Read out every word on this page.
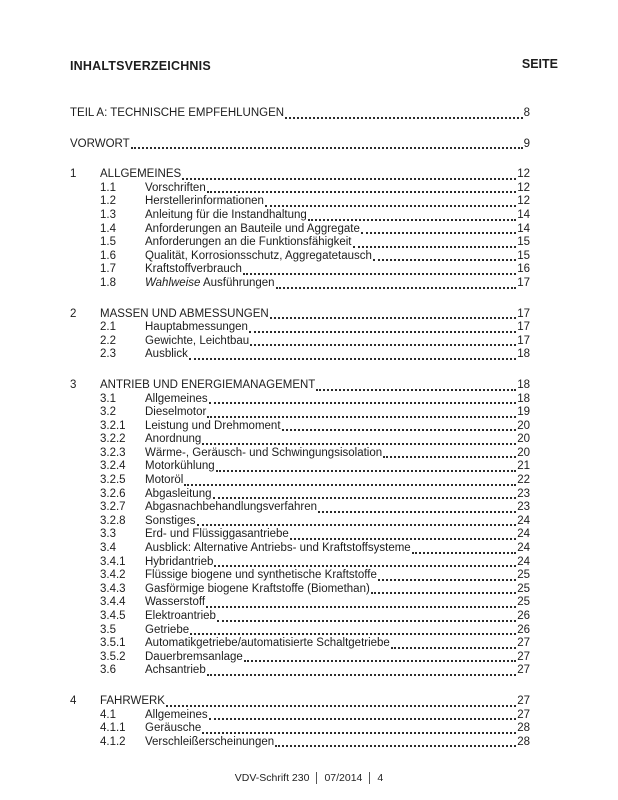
INHALTSVERZEICHNIS	SEITE
TEIL A: TECHNISCHE EMPFEHLUNGEN	8
VORWORT	9
1	ALLGEMEINES	12
1.1	Vorschriften	12
1.2	Herstellerinformationen	12
1.3	Anleitung für die Instandhaltung	14
1.4	Anforderungen an Bauteile und Aggregate	14
1.5	Anforderungen an die Funktionsfähigkeit	15
1.6	Qualität, Korrosionsschutz, Aggregatetausch	15
1.7	Kraftstoffverbrauch	16
1.8	Wahlweise Ausführungen	17
2	MASSEN UND ABMESSUNGEN	17
2.1	Hauptabmessungen	17
2.2	Gewichte, Leichtbau	17
2.3	Ausblick	18
3	ANTRIEB UND ENERGIEMANAGEMENT	18
3.1	Allgemeines	18
3.2	Dieselmotor	19
3.2.1	Leistung und Drehmoment	20
3.2.2	Anordnung	20
3.2.3	Wärme-, Geräusch- und Schwingungsisolation	20
3.2.4	Motorkühlung	21
3.2.5	Motoröl	22
3.2.6	Abgasleitung	23
3.2.7	Abgasnachbehandlungsverfahren	23
3.2.8	Sonstiges	24
3.3	Erd- und Flüssiggasantriebe	24
3.4	Ausblick: Alternative Antriebs- und Kraftstoffsysteme	24
3.4.1	Hybridantrieb	24
3.4.2	Flüssige biogene und synthetische Kraftstoffe	25
3.4.3	Gasförmige biogene Kraftstoffe (Biomethan)	25
3.4.4	Wasserstoff	25
3.4.5	Elektroantrieb	26
3.5	Getriebe	26
3.5.1	Automatikgetriebe/automatisierte Schaltgetriebe	27
3.5.2	Dauerbremsanlage	27
3.6	Achsantrieb	27
4	FAHRWERK	27
4.1	Allgemeines	27
4.1.1	Geräusche	28
4.1.2	Verschleißerscheinungen	28
VDV-Schrift 230 07/2014 4
